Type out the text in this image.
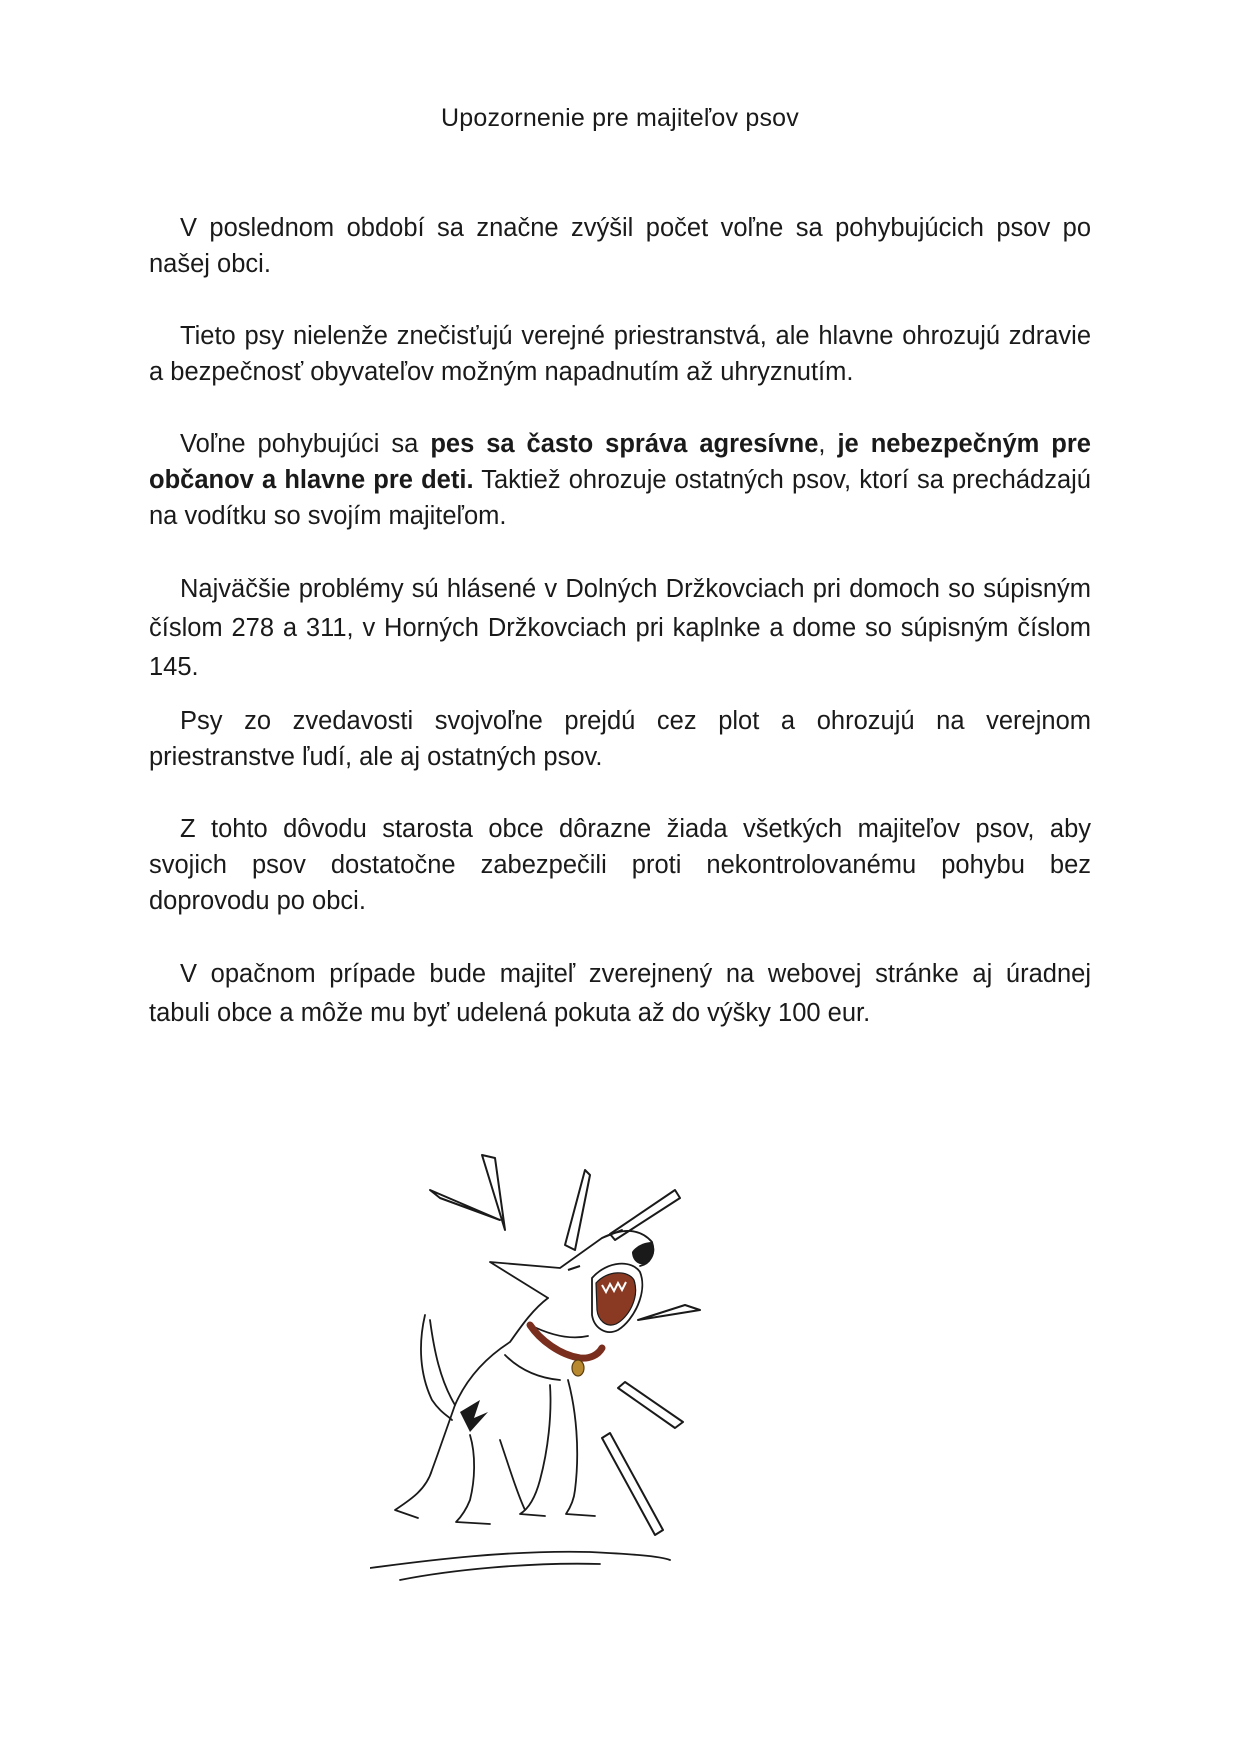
Upozornenie pre majiteľov psov

V poslednom období sa značne zvýšil počet voľne sa pohybujúcich psov po našej obci.

Tieto psy nielenže znečisťujú verejné priestranstvá, ale hlavne ohrozujú zdravie a bezpečnosť obyvateľov možným napadnutím až uhryznutím.

Voľne pohybujúci sa pes sa často správa agresívne, je nebezpečným pre občanov a hlavne pre deti. Taktiež ohrozuje ostatných psov, ktorí sa prechádzajú na vodítku so svojím majiteľom.

Najväčšie problémy sú hlásené v Dolných Držkovciach pri domoch so súpisným číslom 278 a 311, v Horných Držkovciach pri kaplnke a dome so súpisným číslom 145.

Psy zo zvedavosti svojvoľne prejdú cez plot a ohrozujú na verejnom priestranstve ľudí, ale aj ostatných psov.

Z tohto dôvodu starosta obce dôrazne žiada všetkých majiteľov psov, aby svojich psov dostatočne zabezpečili proti nekontrolovanému pohybu bez doprovodu po obci.

V opačnom prípade bude majiteľ zverejnený na webovej stránke aj úradnej tabuli obce a môže mu byť udelená pokuta až do výšky 100 eur.
